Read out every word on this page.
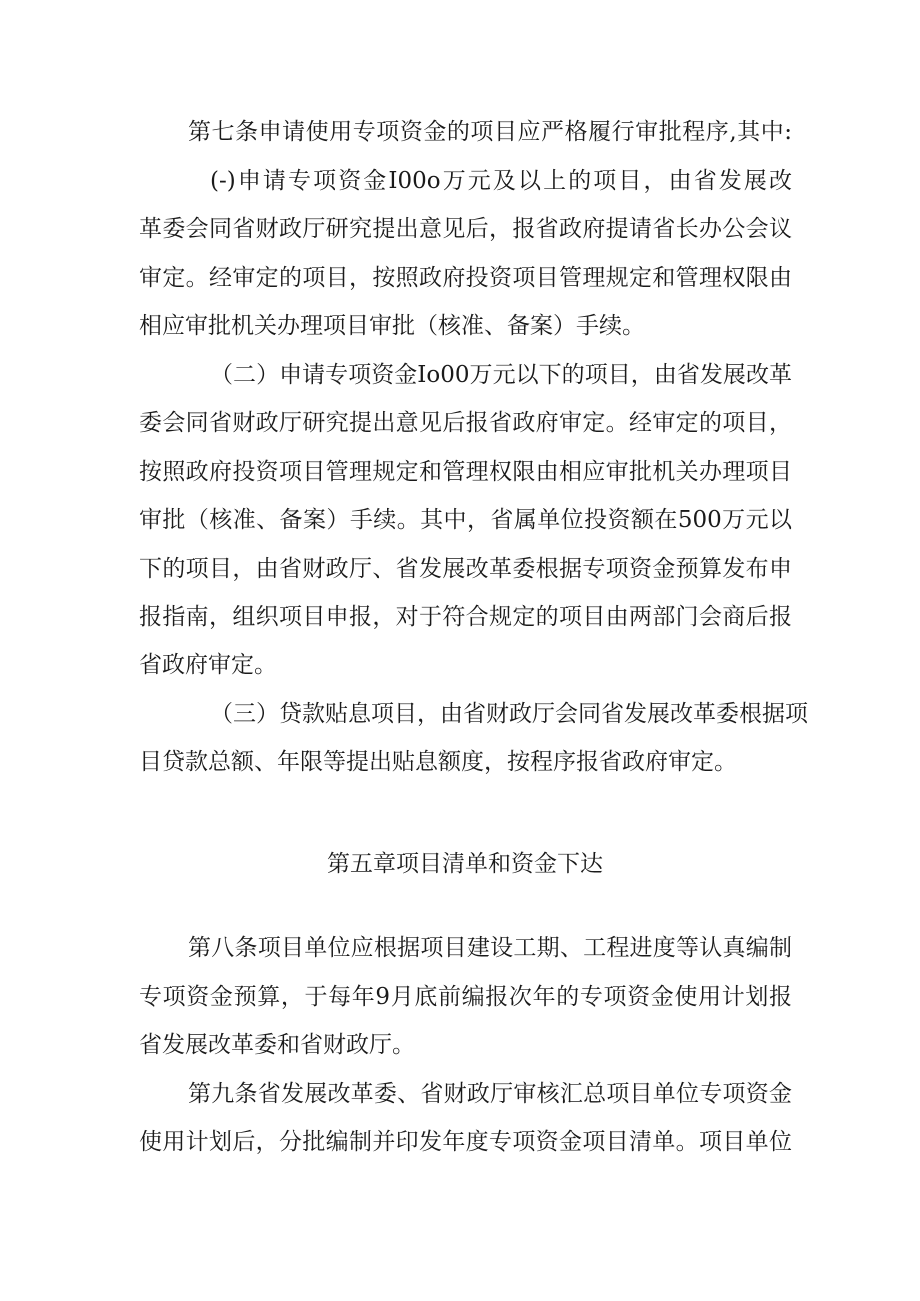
第七条申请使用专项资金的项目应严格履行审批程序,其中:
(-)申请专项资金I00o万元及以上的项目，由省发展改
革委会同省财政厅研究提出意见后，报省政府提请省长办公会议
审定。经审定的项目，按照政府投资项目管理规定和管理权限由
相应审批机关办理项目审批（核准、备案）手续。
（二）申请专项资金Io00万元以下的项目，由省发展改革
委会同省财政厅研究提出意见后报省政府审定。经审定的项目，
按照政府投资项目管理规定和管理权限由相应审批机关办理项目
审批（核准、备案）手续。其中，省属单位投资额在500万元以
下的项目，由省财政厅、省发展改革委根据专项资金预算发布申
报指南，组织项目申报，对于符合规定的项目由两部门会商后报
省政府审定。
（三）贷款贴息项目，由省财政厅会同省发展改革委根据项
目贷款总额、年限等提出贴息额度，按程序报省政府审定。
第五章项目清单和资金下达
第八条项目单位应根据项目建设工期、工程进度等认真编制
专项资金预算，于每年9月底前编报次年的专项资金使用计划报
省发展改革委和省财政厅。
第九条省发展改革委、省财政厅审核汇总项目单位专项资金
使用计划后，分批编制并印发年度专项资金项目清单。项目单位
